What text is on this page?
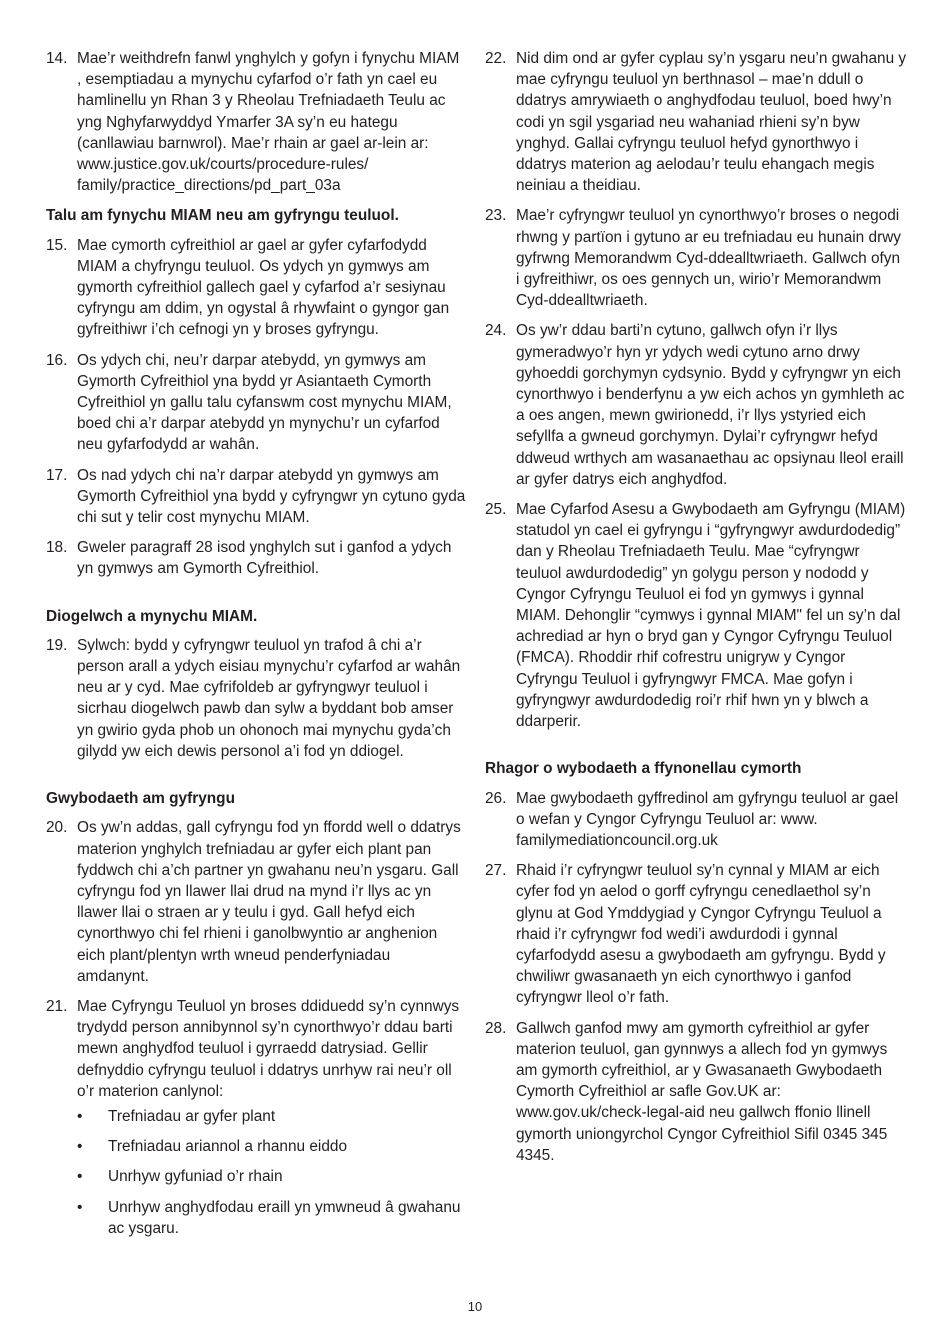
14. Mae’r weithdrefn fanwl ynghylch y gofyn i fynychu MIAM , esemptiadau a mynychu cyfarfod o’r fath yn cael eu hamlinellu yn Rhan 3 y Rheolau Trefniadaeth Teulu ac yng Nghyfarwyddyd Ymarfer 3A sy’n eu hategu (canllawiau barnwrol). Mae’r rhain ar gael ar-lein ar: www.justice.gov.uk/courts/procedure-rules/ family/practice_directions/pd_part_03a
Talu am fynychu MIAM neu am gyfryngu teuluol.
15. Mae cymorth cyfreithiol ar gael ar gyfer cyfarfodydd MIAM a chyfryngu teuluol. Os ydych yn gymwys am gymorth cyfreithiol gallech gael y cyfarfod a’r sesiynau cyfryngu am ddim, yn ogystal â rhywfaint o gyngor gan gyfreithiwr i’ch cefnogi yn y broses gyfryngu.
16. Os ydych chi, neu’r darpar atebydd, yn gymwys am Gymorth Cyfreithiol yna bydd yr Asiantaeth Cymorth Cyfreithiol yn gallu talu cyfanswm cost mynychu MIAM, boed chi a’r darpar atebydd yn mynychu’r un cyfarfod neu gyfarfodydd ar wahân.
17. Os nad ydych chi na’r darpar atebydd yn gymwys am Gymorth Cyfreithiol yna bydd y cyfryngwr yn cytuno gyda chi sut y telir cost mynychu MIAM.
18. Gweler paragraff 28 isod ynghylch sut i ganfod a ydych yn gymwys am Gymorth Cyfreithiol.
Diogelwch a mynychu MIAM.
19. Sylwch: bydd y cyfryngwr teuluol yn trafod â chi a’r person arall a ydych eisiau mynychu’r cyfarfod ar wahân neu ar y cyd. Mae cyfrifoldeb ar gyfryngwyr teuluol i sicrhau diogelwch pawb dan sylw a byddant bob amser yn gwirio gyda phob un ohonoch mai mynychu gyda’ch gilydd yw eich dewis personol a’i fod yn ddiogel.
Gwybodaeth am gyfryngu
20. Os yw’n addas, gall cyfryngu fod yn ffordd well o ddatrys materion ynghylch trefniadau ar gyfer eich plant pan fyddwch chi a’ch partner yn gwahanu neu’n ysgaru. Gall cyfryngu fod yn llawer llai drud na mynd i’r llys ac yn llawer llai o straen ar y teulu i gyd. Gall hefyd eich cynorthwyo chi fel rhieni i ganolbwyntio ar anghenion eich plant/plentyn wrth wneud penderfyniadau amdanynt.
21. Mae Cyfryngu Teuluol yn broses ddiduedd sy’n cynnwys trydydd person annibynnol sy’n cynorthwyo’r ddau barti mewn anghydfod teuluol i gyrraedd datrysiad. Gellir defnyddio cyfryngu teuluol i ddatrys unrhyw rai neu’r oll o’r materion canlynol:
•	Trefniadau ar gyfer plant
•	Trefniadau ariannol a rhannu eiddo
•	Unrhyw gyfuniad o’r rhain
•	Unrhyw anghydfodau eraill yn ymwneud â gwahanu ac ysgaru.
22. Nid dim ond ar gyfer cyplau sy’n ysgaru neu’n gwahanu y mae cyfryngu teuluol yn berthnasol – mae’n ddull o ddatrys amrywiaeth o anghydfodau teuluol, boed hwy’n codi yn sgil ysgariad neu wahaniad rhieni sy’n byw ynghyd. Gallai cyfryngu teuluol hefyd gynorthwyo i ddatrys materion ag aelodau’r teulu ehangach megis neiniau a theidiau.
23. Mae’r cyfryngwr teuluol yn cynorthwyo’r broses o negodi rhwng y partïon i gytuno ar eu trefniadau eu hunain drwy gyfrwng Memorandwm Cyd-ddealltwriaeth. Gallwch ofyn i gyfreithiwr, os oes gennych un, wirio’r Memorandwm Cyd-ddealltwriaeth.
24. Os yw’r ddau barti’n cytuno, gallwch ofyn i’r llys gymeradwyo’r hyn yr ydych wedi cytuno arno drwy gyhoeddi gorchymyn cydsynio. Bydd y cyfryngwr yn eich cynorthwyo i benderfynu a yw eich achos yn gymhleth ac a oes angen, mewn gwirionedd, i’r llys ystyried eich sefyllfa a gwneud gorchymyn. Dylai’r cyfryngwr hefyd ddweud wrthych am wasanaethau ac opsiynau lleol eraill ar gyfer datrys eich anghydfod.
25. Mae Cyfarfod Asesu a Gwybodaeth am Gyfryngu (MIAM) statudol yn cael ei gyfryngu i “gyfryngwyr awdurdodedig” dan y Rheolau Trefniadaeth Teulu. Mae “cyfryngwr teuluol awdurdodedig” yn golygu person y nododd y Cyngor Cyfryngu Teuluol ei fod yn gymwys i gynnal MIAM. Dehonglir “cymwys i gynnal MIAM" fel un sy’n dal achrediad ar hyn o bryd gan y Cyngor Cyfryngu Teuluol (FMCA). Rhoddir rhif cofrestru unigryw y Cyngor Cyfryngu Teuluol i gyfryngwyr FMCA. Mae gofyn i gyfryngwyr awdurdodedig roi’r rhif hwn yn y blwch a ddarperir.
Rhagor o wybodaeth a ffynonellau cymorth
26. Mae gwybodaeth gyffredinol am gyfryngu teuluol ar gael o wefan y Cyngor Cyfryngu Teuluol ar: www. familymediationcouncil.org.uk
27. Rhaid i’r cyfryngwr teuluol sy’n cynnal y MIAM ar eich cyfer fod yn aelod o gorff cyfryngu cenedlaethol sy’n glynu at God Ymddygiad y Cyngor Cyfryngu Teuluol a rhaid i’r cyfryngwr fod wedi’i awdurdodi i gynnal cyfarfodydd asesu a gwybodaeth am gyfryngu. Bydd y chwiliwr gwasanaeth yn eich cynorthwyo i ganfod cyfryngwr lleol o’r fath.
28. Gallwch ganfod mwy am gymorth cyfreithiol ar gyfer materion teuluol, gan gynnwys a allech fod yn gymwys am gymorth cyfreithiol, ar y Gwasanaeth Gwybodaeth Cymorth Cyfreithiol ar safle Gov.UK ar: www.gov.uk/check-legal-aid neu gallwch ffonio llinell gymorth uniongyrchol Cyngor Cyfreithiol Sifil 0345 345 4345.
10
